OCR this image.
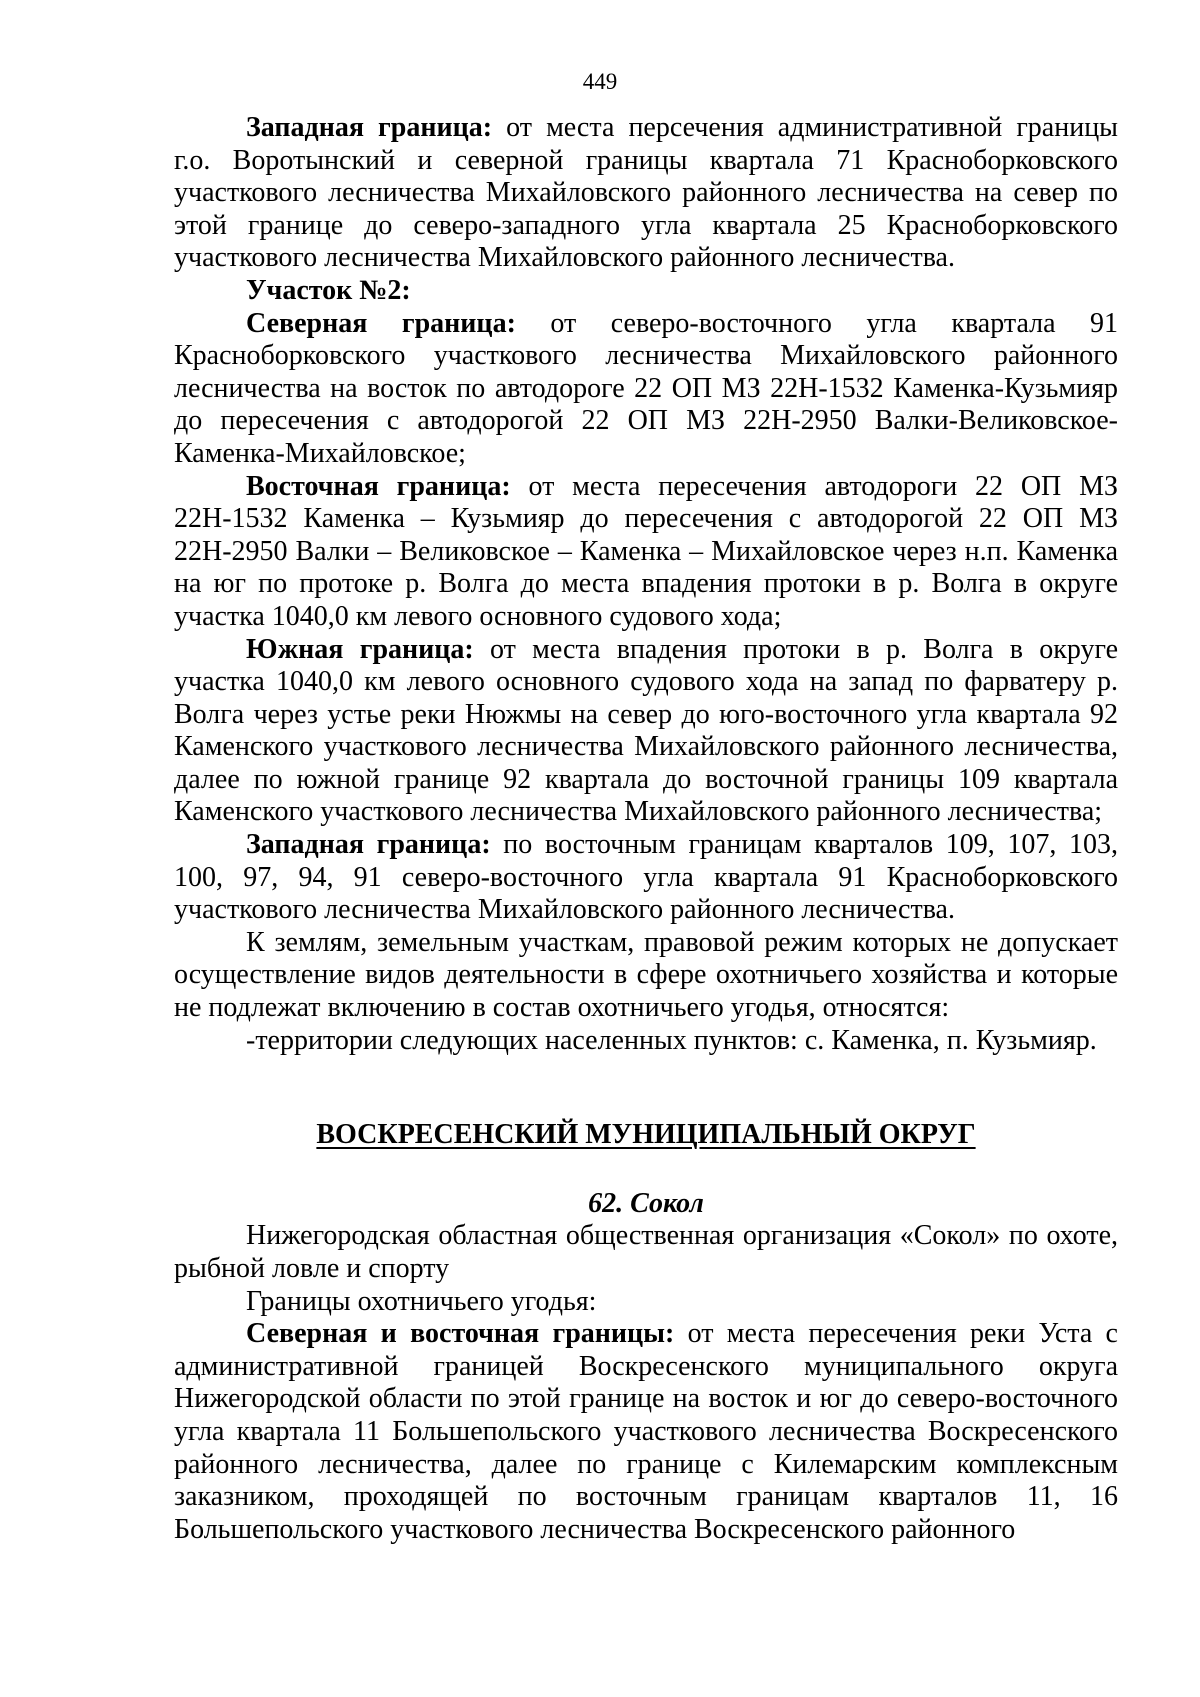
449

Западная граница: от места персечения административной границы г.о. Воротынский и северной границы квартала 71 Красноборковского участкового лесничества Михайловского районного лесничества на север по этой границе до северо-западного угла квартала 25 Красноборковского участкового лесничества Михайловского районного лесничества.

Участок №2:

Северная граница: от северо-восточного угла квартала 91 Красноборковского участкового лесничества Михайловского районного лесничества на восток по автодороге 22 ОП МЗ 22Н-1532 Каменка-Кузьмияр до пересечения с автодорогой 22 ОП МЗ 22Н-2950 Валки-Великовское-Каменка-Михайловское;

Восточная граница: от места пересечения автодороги 22 ОП МЗ 22Н-1532 Каменка – Кузьмияр до пересечения с автодорогой 22 ОП МЗ 22Н-2950 Валки – Великовское – Каменка – Михайловское через н.п. Каменка на юг по протоке р. Волга до места впадения протоки в р. Волга в округе участка 1040,0 км левого основного судового хода;

Южная граница: от места впадения протоки в р. Волга в округе участка 1040,0 км левого основного судового хода на запад по фарватеру р. Волга через устье реки Нюжмы на север до юго-восточного угла квартала 92 Каменского участкового лесничества Михайловского районного лесничества, далее по южной границе 92 квартала до восточной границы 109 квартала Каменского участкового лесничества Михайловского районного лесничества;

Западная граница: по восточным границам кварталов 109, 107, 103, 100, 97, 94, 91 северо-восточного угла квартала 91 Красноборковского участкового лесничества Михайловского районного лесничества.

К землям, земельным участкам, правовой режим которых не допускает осуществление видов деятельности в сфере охотничьего хозяйства и которые не подлежат включению в состав охотничьего угодья, относятся:

-территории следующих населенных пунктов: с. Каменка, п. Кузьмияр.

ВОСКРЕСЕНСКИЙ МУНИЦИПАЛЬНЫЙ ОКРУГ

62. Сокол

Нижегородская областная общественная организация «Сокол» по охоте, рыбной ловле и спорту

Границы охотничьего угодья:

Северная и восточная границы: от места пересечения реки Уста с административной границей Воскресенского муниципального округа Нижегородской области по этой границе на восток и юг до северо-восточного угла квартала 11 Большепольского участкового лесничества Воскресенского районного лесничества, далее по границе с Килемарским комплексным заказником, проходящей по восточным границам кварталов 11, 16 Большепольского участкового лесничества Воскресенского районного
